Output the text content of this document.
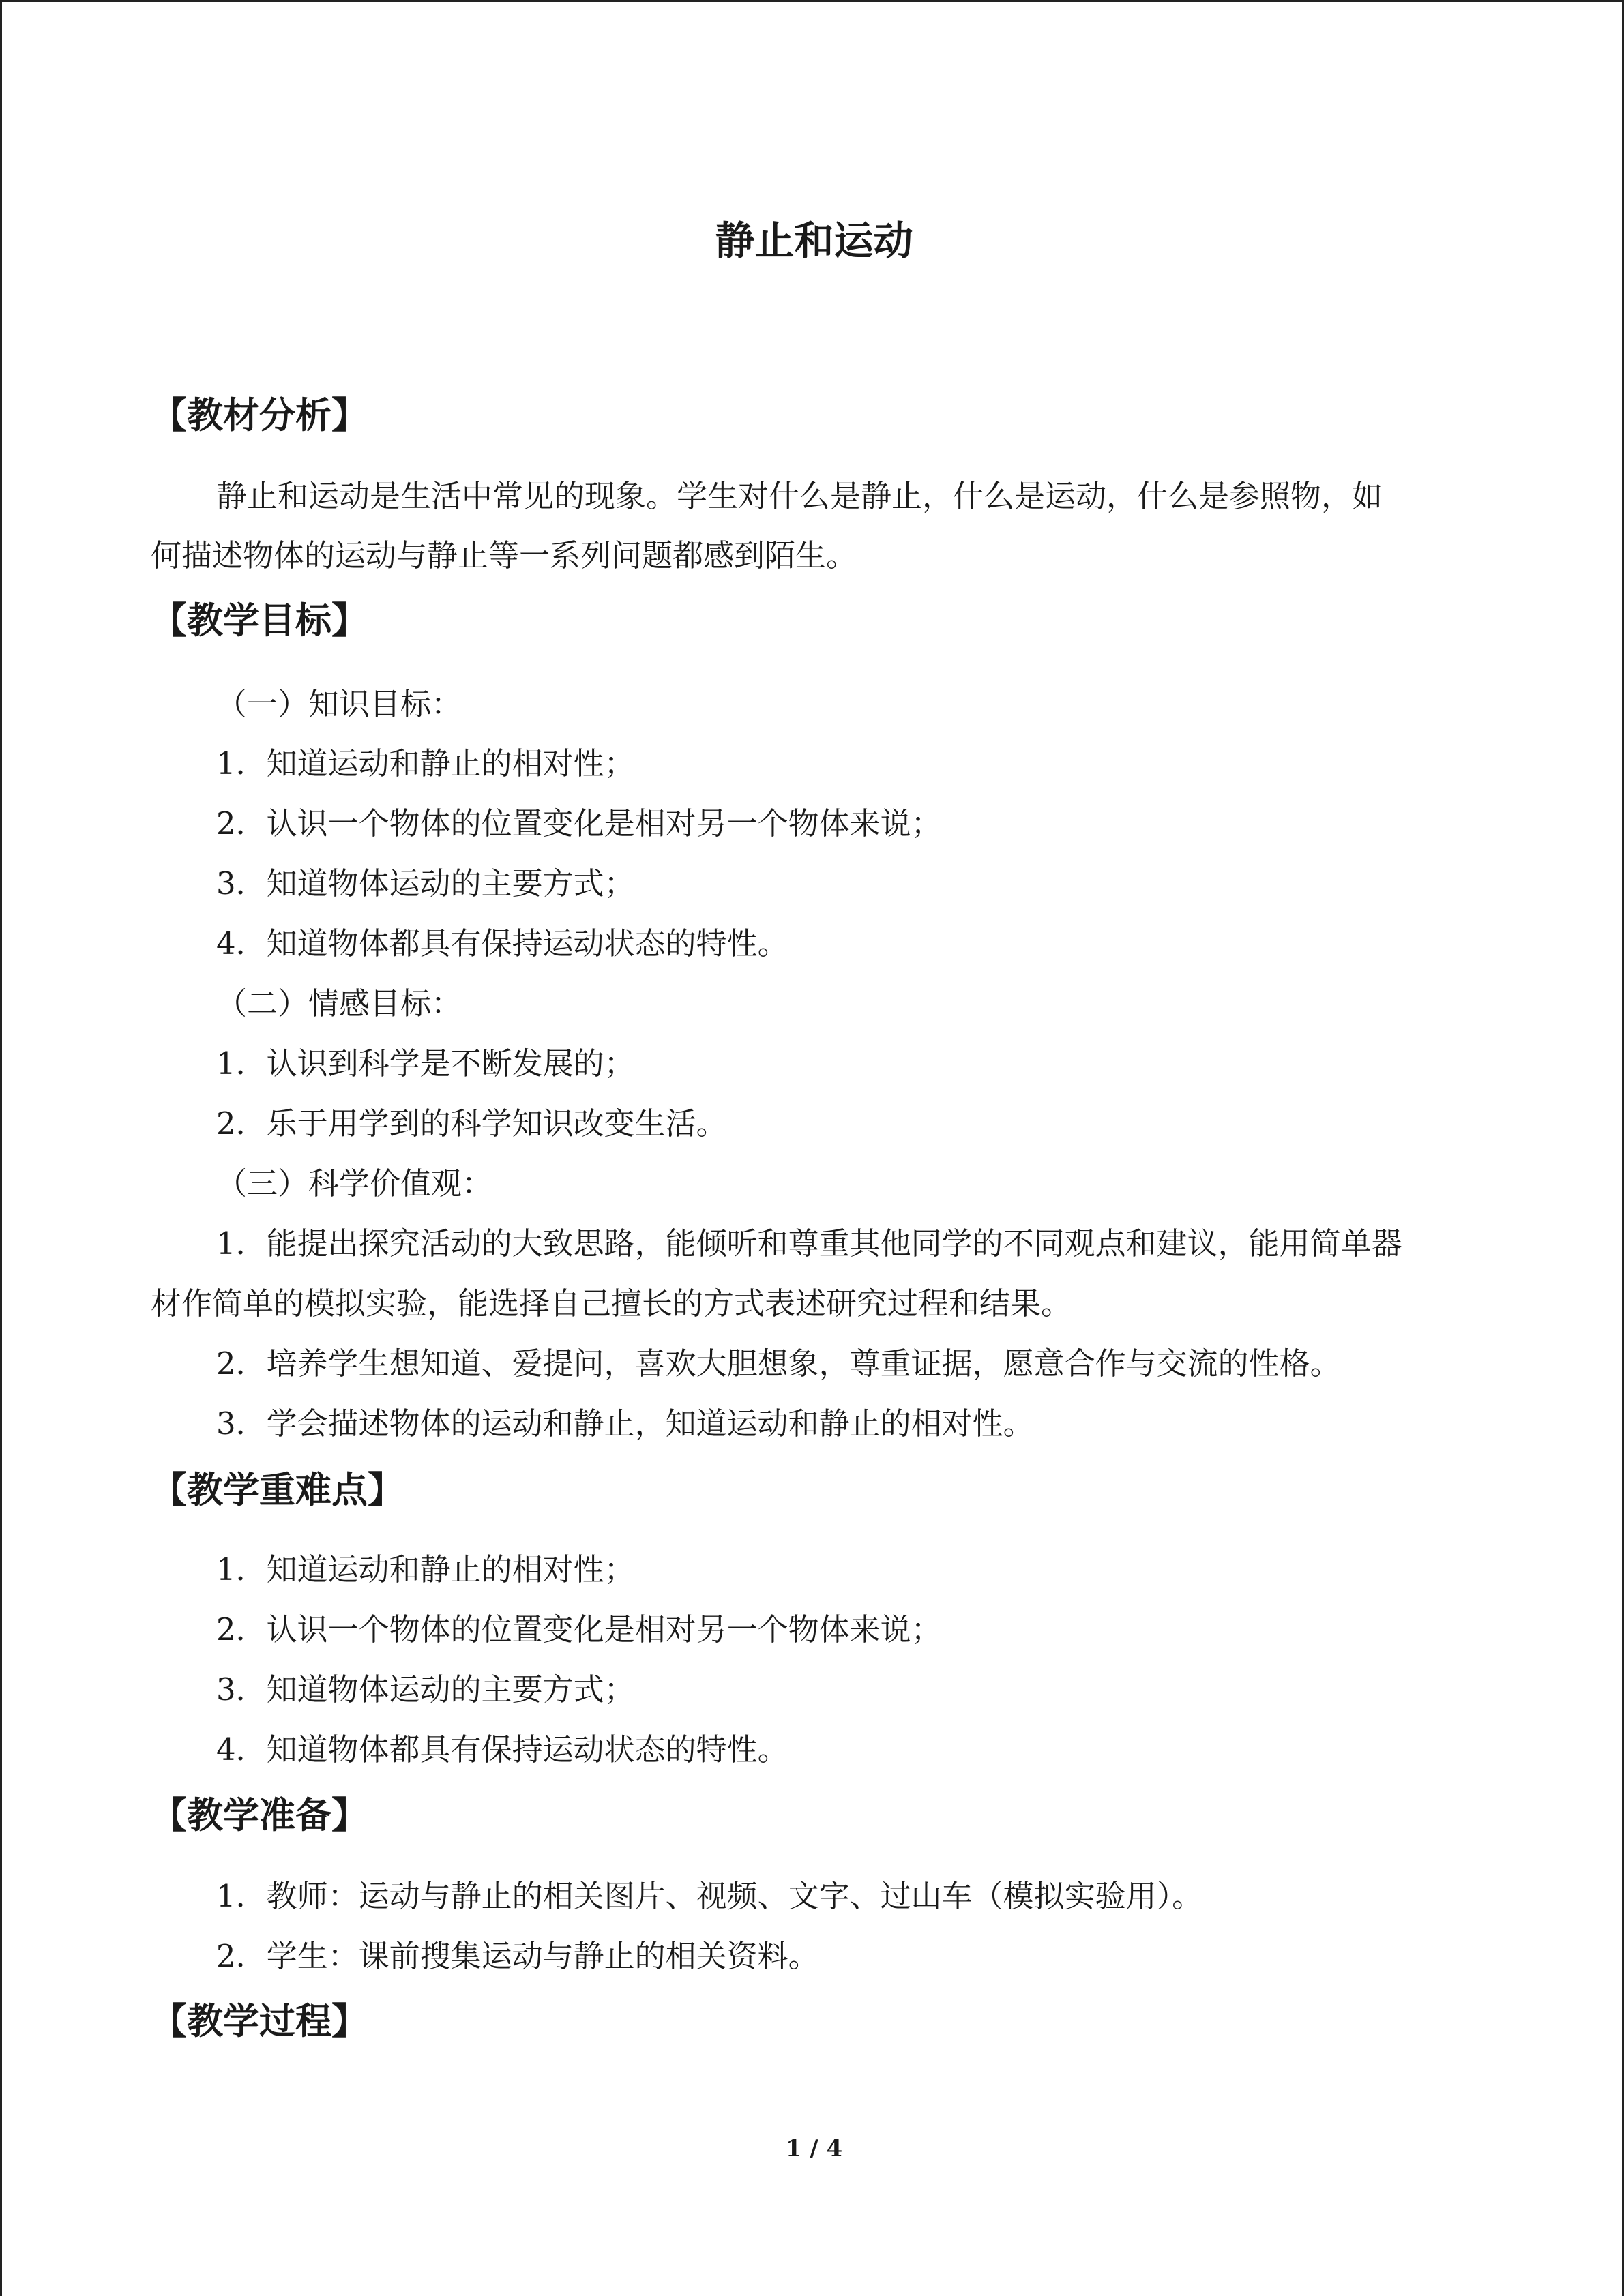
静止和运动
【教材分析】

静止和运动是生活中常见的现象。学生对什么是静止，什么是运动，什么是参照物，如

何描述物体的运动与静止等一系列问题都感到陌生。

【教学目标】

（一）知识目标：

1．知道运动和静止的相对性；

2．认识一个物体的位置变化是相对另一个物体来说；

3．知道物体运动的主要方式；

4．知道物体都具有保持运动状态的特性。

（二）情感目标：

1．认识到科学是不断发展的；

2．乐于用学到的科学知识改变生活。

（三）科学价值观：

1．能提出探究活动的大致思路，能倾听和尊重其他同学的不同观点和建议，能用简单器

材作简单的模拟实验，能选择自己擅长的方式表述研究过程和结果。

2．培养学生想知道、爱提问，喜欢大胆想象，尊重证据，愿意合作与交流的性格。

3．学会描述物体的运动和静止，知道运动和静止的相对性。

【教学重难点】

1．知道运动和静止的相对性；

2．认识一个物体的位置变化是相对另一个物体来说；

3．知道物体运动的主要方式；

4．知道物体都具有保持运动状态的特性。

【教学准备】

1．教师：运动与静止的相关图片、视频、文字、过山车（模拟实验用）。

2．学生：课前搜集运动与静止的相关资料。

【教学过程】
1 / 4
